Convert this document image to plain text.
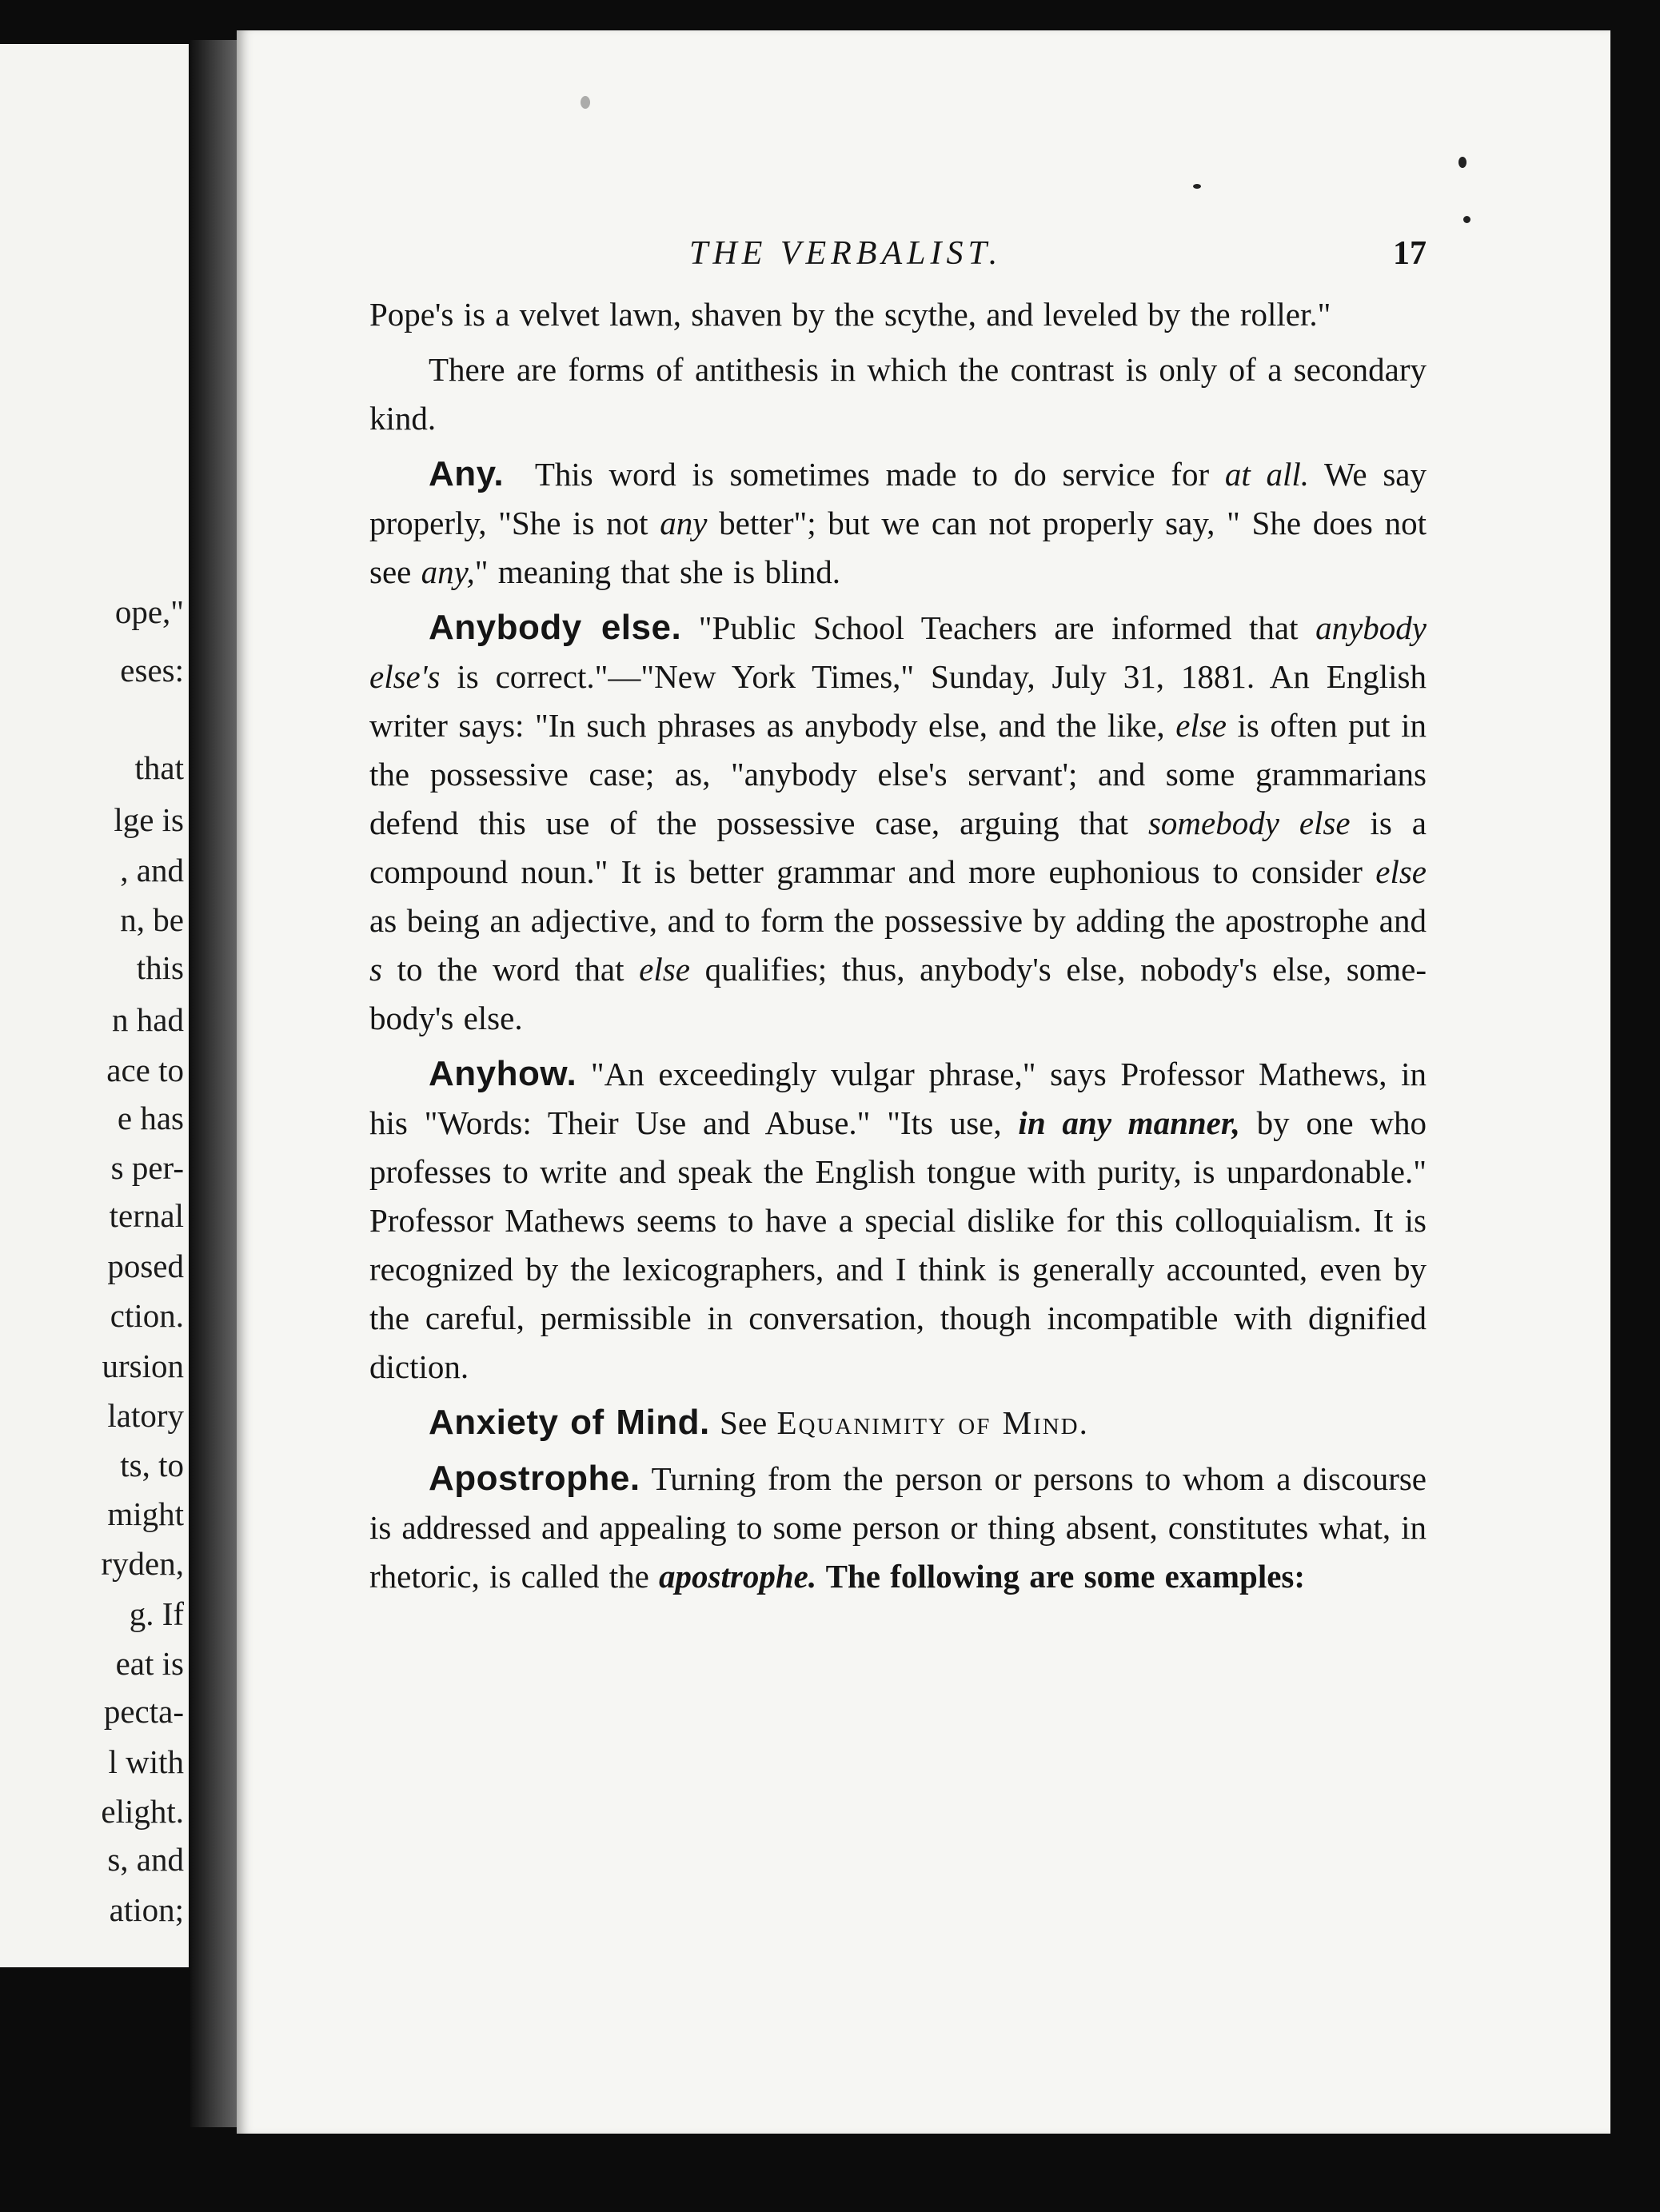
ope,"
eses:
that
lge is
, and
n, be
this
n had
ace to
e has
s per-
ternal
posed
ction.
ursion
latory
ts, to
might
ryden,
g. If
eat is
pecta-
l with
elight.
s, and
ation;
THE VERBALIST.	17

Pope's is a velvet lawn, shaven by the scythe, and leveled by the roller."

There are forms of antithesis in which the contrast is only of a secondary kind.

Any. This word is sometimes made to do service for at all. We say properly, "She is not any better"; but we can not properly say, " She does not see any," meaning that she is blind.

Anybody else. "Public School Teachers are informed that anybody else's is correct."—"New York Times," Sunday, July 31, 1881. An English writer says: "In such phrases as anybody else, and the like, else is often put in the possessive case; as, "anybody else's servant'; and some grammarians defend this use of the possessive case, arguing that somebody else is a compound noun." It is better grammar and more euphonious to consider else as being an adjective, and to form the possessive by adding the apostrophe and s to the word that else qualifies; thus, anybody's else, nobody's else, some-body's else.

Anyhow. "An exceedingly vulgar phrase," says Professor Mathews, in his "Words: Their Use and Abuse." "Its use, in any manner, by one who professes to write and speak the English tongue with purity, is unpardonable." Professor Mathews seems to have a special dislike for this colloquialism. It is recognized by the lexicographers, and I think is generally accounted, even by the careful, permissible in conversation, though incompatible with dignified diction.

Anxiety of Mind. See Equanimity of Mind.

Apostrophe. Turning from the person or persons to whom a discourse is addressed and appealing to some person or thing absent, constitutes what, in rhetoric, is called the apostrophe. The following are some examples:
